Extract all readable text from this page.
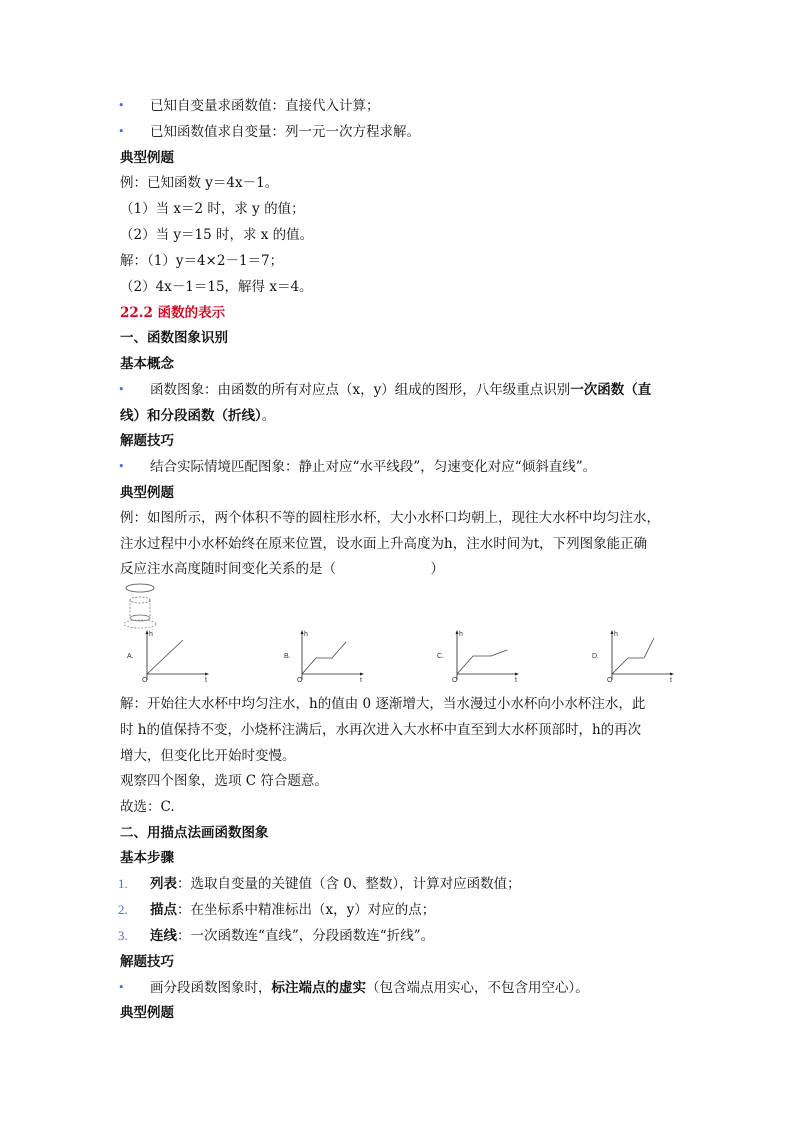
• 已知自变量求函数值：直接代入计算；
• 已知函数值求自变量：列一元一次方程求解。
典型例题
例：已知函数 y＝4x－1。
（1）当 x＝2 时，求 y 的值；
（2）当 y＝15 时，求 x 的值。
解：（1）y＝4×2－1＝7；
（2）4x－1＝15，解得 x＝4。
22.2 函数的表示
一、函数图象识别
基本概念
• 函数图象：由函数的所有对应点（x，y）组成的图形，八年级重点识别一次函数（直
线）和分段函数（折线）。
解题技巧
• 结合实际情境匹配图象：静止对应“水平线段”，匀速变化对应“倾斜直线”。
典型例题
例：如图所示，两个体积不等的圆柱形水杯，大小水杯口均朝上，现往大水杯中均匀注水，
注水过程中小水杯始终在原来位置，设水面上升高度为h，注水时间为t，下列图象能正确
反应注水高度随时间变化关系的是（　　　　　　　）
h
t
O
A.
h
t
O
B.
h
t
O
C.
h
t
O
D.
解：开始往大水杯中均匀注水，h的值由 0 逐渐增大，当水漫过小水杯向小水杯注水，此
时 h的值保持不变，小烧杯注满后，水再次进入大水杯中直至到大水杯顶部时，h的再次
增大，但变化比开始时变慢。
观察四个图象，选项 C 符合题意。
故选：C.
二、用描点法画函数图象
基本步骤
1. 列表：选取自变量的关键值（含 0、整数），计算对应函数值；
2. 描点：在坐标系中精准标出（x，y）对应的点；
3. 连线：一次函数连“直线”，分段函数连“折线”。
解题技巧
• 画分段函数图象时，标注端点的虚实（包含端点用实心，不包含用空心）。
典型例题
